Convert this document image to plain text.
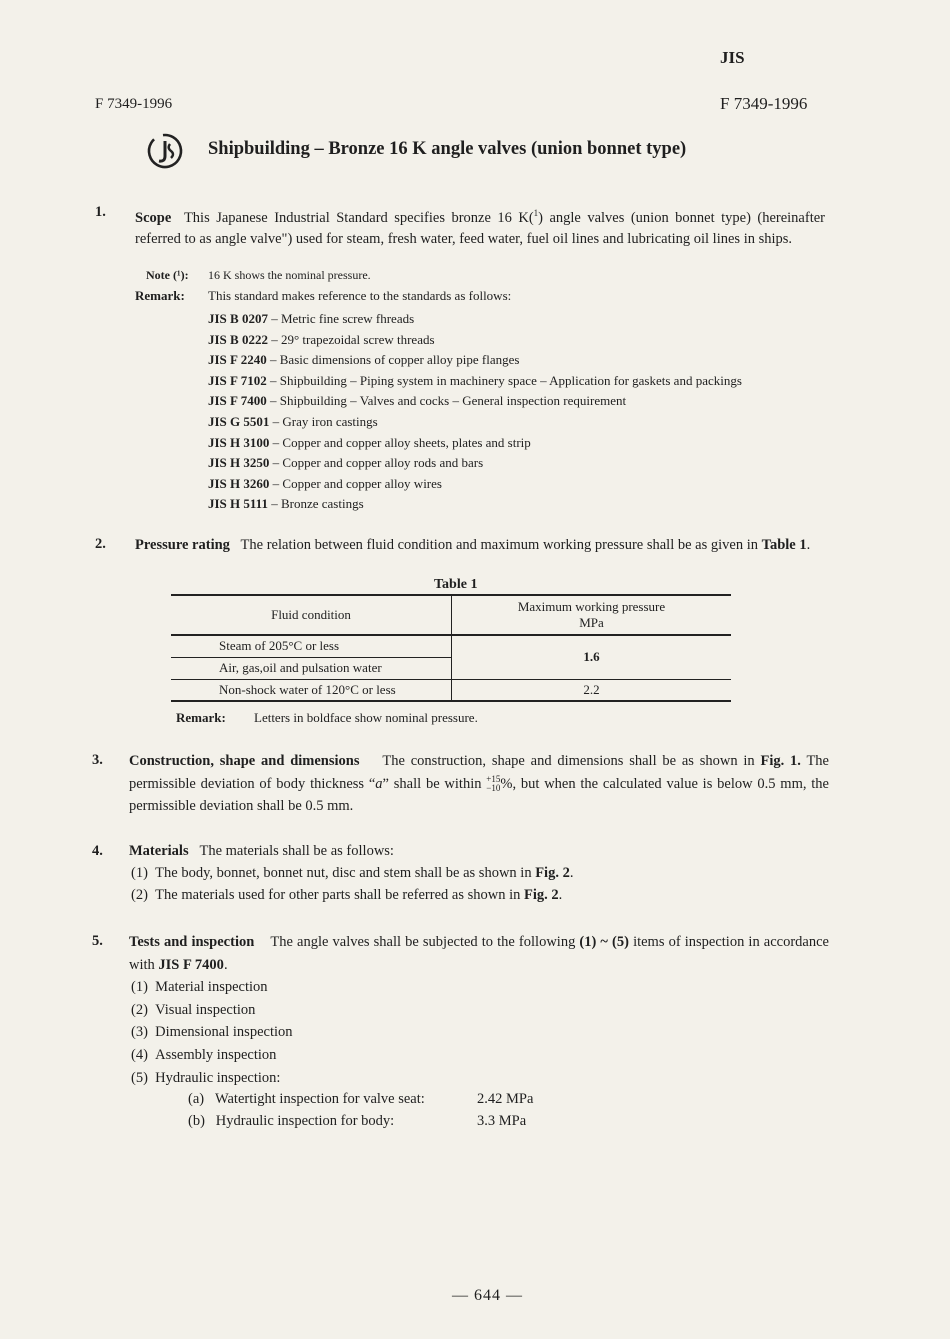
JIS
F 7349-1996	F 7349-1996
Shipbuilding – Bronze 16 K angle valves (union bonnet type)
1. Scope This Japanese Industrial Standard specifies bronze 16 K($^1$) angle valves (union bonnet type) (hereinafter referred to as angle valve") used for steam, fresh water, feed water, fuel oil lines and lubricating oil lines in ships.
Note (¹): 16 K shows the nominal pressure.
Remark: This standard makes reference to the standards as follows:
JIS B 0207 – Metric fine screw fhreads
JIS B 0222 – 29° trapezoidal screw threads
JIS F 2240 – Basic dimensions of copper alloy pipe flanges
JIS F 7102 – Shipbuilding – Piping system in machinery space – Application for gaskets and packings
JIS F 7400 – Shipbuilding – Valves and cocks – General inspection requirement
JIS G 5501 – Gray iron castings
JIS H 3100 – Copper and copper alloy sheets, plates and strip
JIS H 3250 – Copper and copper alloy rods and bars
JIS H 3260 – Copper and copper alloy wires
JIS H 5111 – Bronze castings
2. Pressure rating The relation between fluid condition and maximum working pressure shall be as given in Table 1.
Table 1
Fluid condition	Maximum working pressure
MPa

Steam of 205°C or less	1.6
Air, gas,oil and pulsation water	
Non-shock water of 120°C or less	2.2
Remark: Letters in boldface show nominal pressure.
3. Construction, shape and dimensions The construction, shape and dimensions shall be as shown in Fig. 1. The permissible deviation of body thickness “a” shall be within +15
−10%, but when the calculated value is below 0.5 mm, the permissible deviation shall be 0.5 mm.
4. Materials The materials shall be as follows:
(1) The body, bonnet, bonnet nut, disc and stem shall be as shown in Fig. 2.
(2) The materials used for other parts shall be referred as shown in Fig. 2.
5. Tests and inspection The angle valves shall be subjected to the following (1) ~ (5) items of inspection in accordance with JIS F 7400.
(1) Material inspection
(2) Visual inspection
(3) Dimensional inspection
(4) Assembly inspection
(5) Hydraulic inspection:
(a) Watertight inspection for valve seat:	2.42 MPa
(b) Hydraulic inspection for body:	3.3 MPa
— 644 —
